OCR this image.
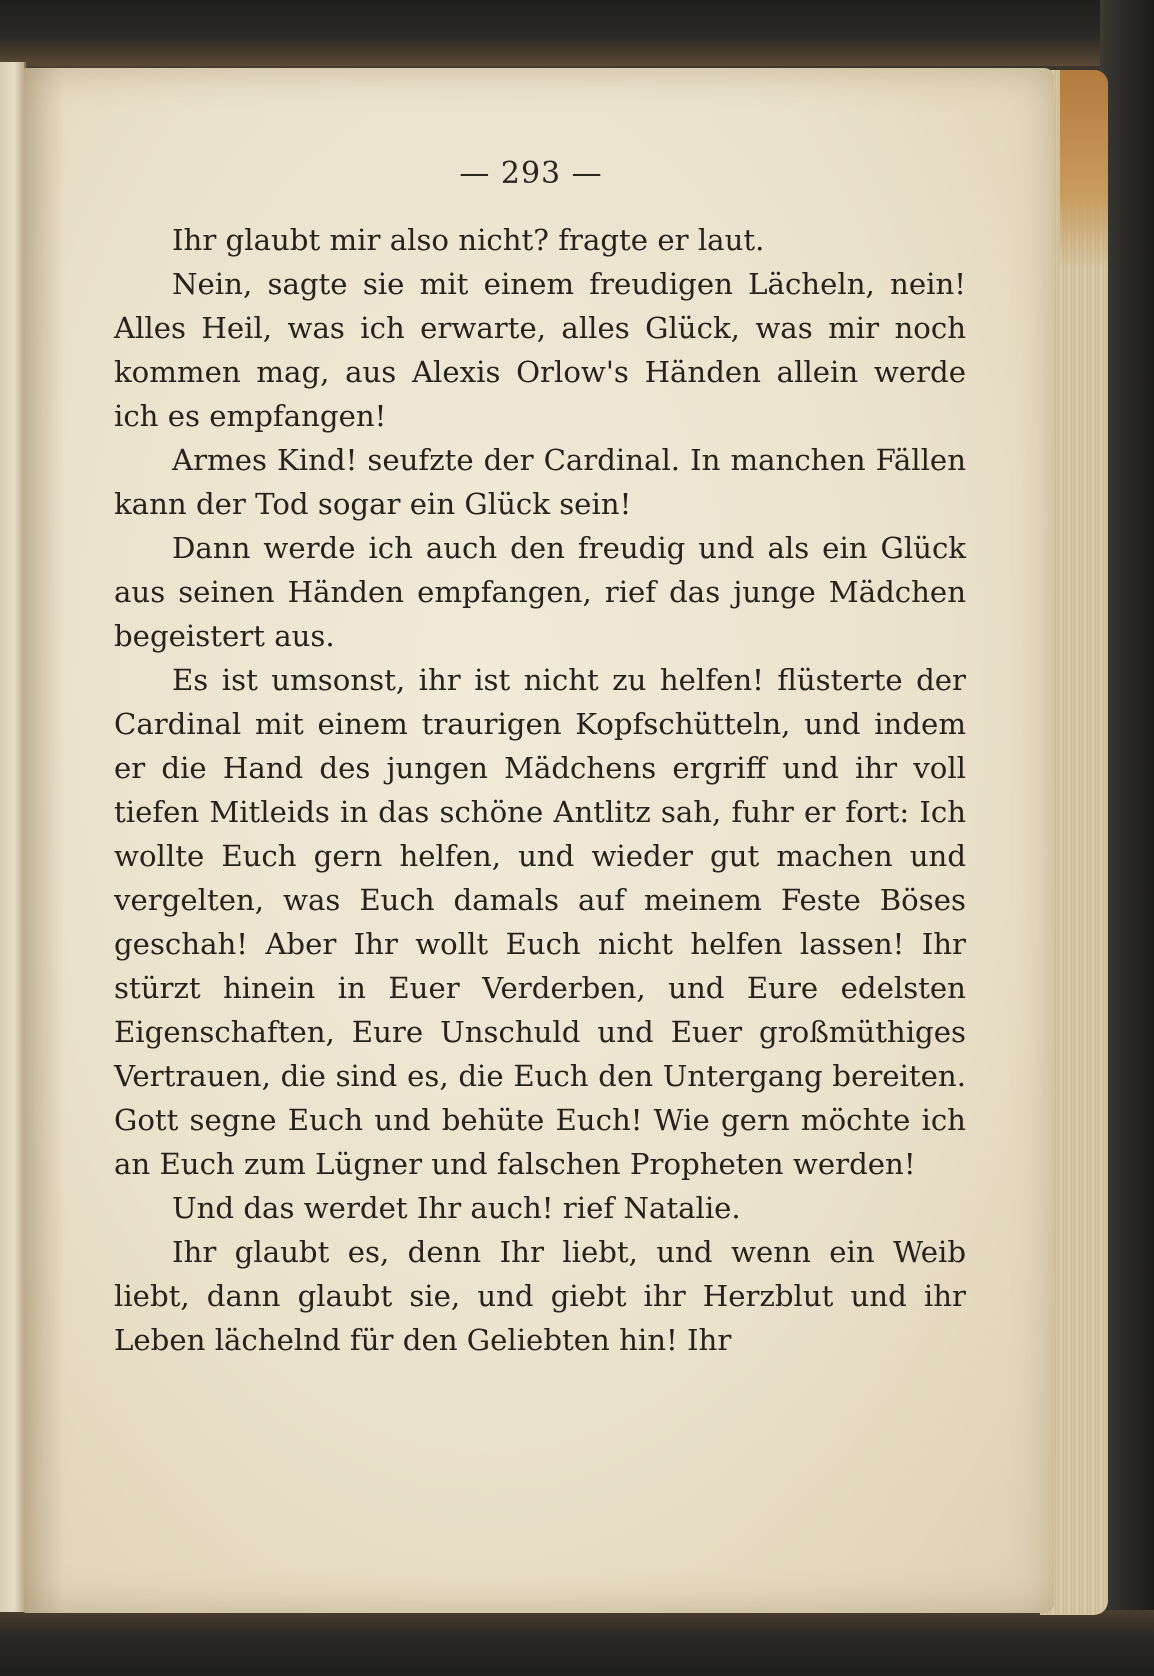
— 293 —

Ihr glaubt mir also nicht? fragte er laut.

Nein, sagte sie mit einem freudigen Lächeln, nein! Alles Heil, was ich erwarte, alles Glück, was mir noch kommen mag, aus Alexis Orlow's Händen allein werde ich es empfangen!

Armes Kind! seufzte der Cardinal. In manchen Fällen kann der Tod sogar ein Glück sein!

Dann werde ich auch den freudig und als ein Glück aus seinen Händen empfangen, rief das junge Mädchen begeistert aus.

Es ist umsonst, ihr ist nicht zu helfen! flüsterte der Cardinal mit einem traurigen Kopfschütteln, und indem er die Hand des jungen Mädchens ergriff und ihr voll tiefen Mitleids in das schöne Antlitz sah, fuhr er fort: Ich wollte Euch gern helfen, und wieder gut machen und vergelten, was Euch damals auf meinem Feste Böses geschah! Aber Ihr wollt Euch nicht helfen lassen! Ihr stürzt hinein in Euer Verderben, und Eure edelsten Eigenschaften, Eure Unschuld und Euer großmüthiges Vertrauen, die sind es, die Euch den Untergang bereiten. Gott segne Euch und behüte Euch! Wie gern möchte ich an Euch zum Lügner und falschen Propheten werden!

Und das werdet Ihr auch! rief Natalie.

Ihr glaubt es, denn Ihr liebt, und wenn ein Weib liebt, dann glaubt sie, und giebt ihr Herzblut und ihr Leben lächelnd für den Geliebten hin! Ihr
